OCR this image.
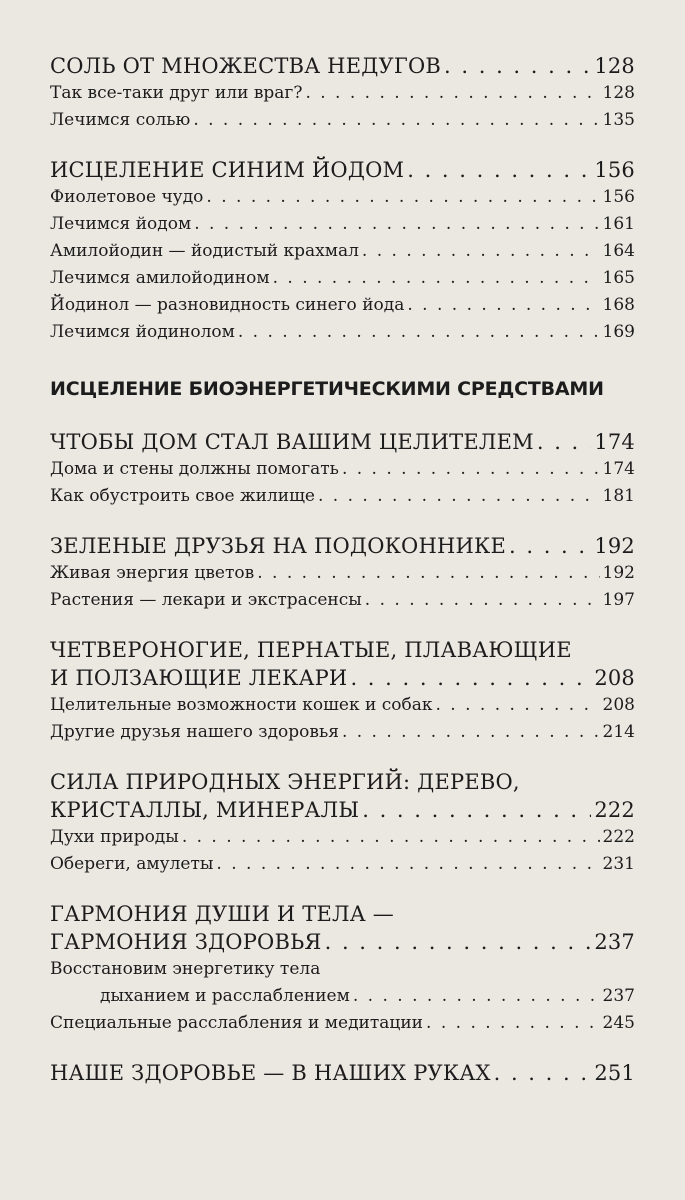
СОЛЬ ОТ МНОЖЕСТВА НЕДУГОВ . . .	128
Так все-таки друг или враг? . . .	128
Лечимся солью . . .	135
ИСЦЕЛЕНИЕ СИНИМ ЙОДОМ . . .	156
Фиолетовое чудо . . .	156
Лечимся йодом . . .	161
Амилойодин — йодистый крахмал . . .	164
Лечимся амилойодином . . .	165
Йодинол — разновидность синего йода . . .	168
Лечимся йодинолом . . .	169
ИСЦЕЛЕНИЕ БИОЭНЕРГЕТИЧЕСКИМИ СРЕДСТВАМИ
ЧТОБЫ ДОМ СТАЛ ВАШИМ ЦЕЛИТЕЛЕМ . . .	174
Дома и стены должны помогать . . .	174
Как обустроить свое жилище . . .	181
ЗЕЛЕНЫЕ ДРУЗЬЯ НА ПОДОКОННИКЕ . . .	192
Живая энергия цветов . . .	192
Растения — лекари и экстрасенсы . . .	197
ЧЕТВЕРОНОГИЕ, ПЕРНАТЫЕ, ПЛАВАЮЩИЕ
И ПОЛЗАЮЩИЕ ЛЕКАРИ . . .	208
Целительные возможности кошек и собак . . .	208
Другие друзья нашего здоровья . . .	214
СИЛА ПРИРОДНЫХ ЭНЕРГИЙ: ДЕРЕВО,
КРИСТАЛЛЫ, МИНЕРАЛЫ . . .	222
Духи природы . . .	222
Обереги, амулеты . . .	231
ГАРМОНИЯ ДУШИ И ТЕЛА —
ГАРМОНИЯ ЗДОРОВЬЯ . . .	237
Восстановим энергетику тела
дыханием и расслаблением . . .	237
Специальные расслабления и медитации . . .	245
НАШЕ ЗДОРОВЬЕ — В НАШИХ РУКАХ . . .	251
